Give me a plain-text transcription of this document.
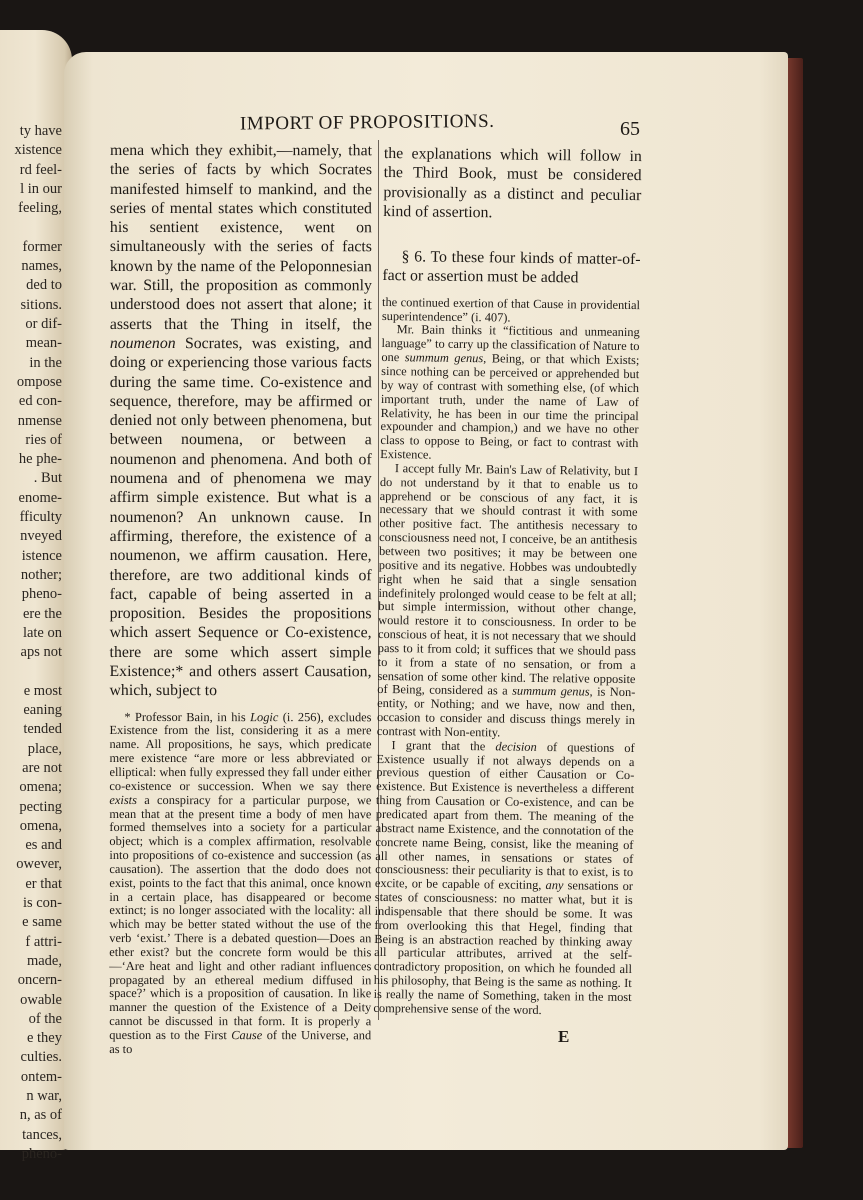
ty have
xistence
rd feel-
l in our
feeling,
former
names,
ded to
sitions.
or dif-
mean-
in the
ompose
ed con-
nmense
ries of
he phe-
. But
enome-
fficulty
nveyed
istence
nother;
pheno-
ere the
late on
aps not
e most
eaning
tended
place,
are not
omena;
pecting
omena,
es and
owever,
er that
is con-
e same
f attri-
made,
oncern-
owable
of the
e they
culties.
ontem-
n war,
n, as of
tances,
pheno-
IMPORT OF PROPOSITIONS.	65

mena which they exhibit,—namely, that the series of facts by which Socrates manifested himself to mankind, and the series of mental states which constituted his sentient existence, went on simultaneously with the series of facts known by the name of the Peloponnesian war. Still, the proposition as commonly understood does not assert that alone; it asserts that the Thing in itself, the noumenon Socrates, was existing, and doing or experiencing those various facts during the same time. Co-existence and sequence, therefore, may be affirmed or denied not only between phenomena, but between noumena, or between a noumenon and phenomena. And both of noumena and of phenomena we may affirm simple existence. But what is a noumenon? An unknown cause. In affirming, therefore, the existence of a noumenon, we affirm causation. Here, therefore, are two additional kinds of fact, capable of being asserted in a proposition. Besides the propositions which assert Sequence or Co-existence, there are some which assert simple Existence;* and others assert Causation, which, subject to

* Professor Bain, in his Logic (i. 256), excludes Existence from the list, considering it as a mere name. All propositions, he says, which predicate mere existence “are more or less abbreviated or elliptical: when fully expressed they fall under either co-existence or succession. When we say there exists a conspiracy for a particular purpose, we mean that at the present time a body of men have formed themselves into a society for a particular object; which is a complex affirmation, resolvable into propositions of co-existence and succession (as causation). The assertion that the dodo does not exist, points to the fact that this animal, once known in a certain place, has disappeared or become extinct; is no longer associated with the locality: all which may be better stated without the use of the verb ‘exist.’ There is a debated question—Does an ether exist? but the concrete form would be this—‘Are heat and light and other radiant influences propagated by an ethereal medium diffused in space?’ which is a proposition of causation. In like manner the question of the Existence of a Deity cannot be discussed in that form. It is properly a question as to the First Cause of the Universe, and as to

the explanations which will follow in the Third Book, must be considered provisionally as a distinct and peculiar kind of assertion.

§ 6. To these four kinds of matter-of-fact or assertion must be added

the continued exertion of that Cause in providential superintendence” (i. 407).

Mr. Bain thinks it “fictitious and unmeaning language” to carry up the classification of Nature to one summum genus, Being, or that which Exists; since nothing can be perceived or apprehended but by way of contrast with something else, (of which important truth, under the name of Law of Relativity, he has been in our time the principal expounder and champion,) and we have no other class to oppose to Being, or fact to contrast with Existence.

I accept fully Mr. Bain's Law of Relativity, but I do not understand by it that to enable us to apprehend or be conscious of any fact, it is necessary that we should contrast it with some other positive fact. The antithesis necessary to consciousness need not, I conceive, be an antithesis between two positives; it may be between one positive and its negative. Hobbes was undoubtedly right when he said that a single sensation indefinitely prolonged would cease to be felt at all; but simple intermission, without other change, would restore it to consciousness. In order to be conscious of heat, it is not necessary that we should pass to it from cold; it suffices that we should pass to it from a state of no sensation, or from a sensation of some other kind. The relative opposite of Being, considered as a summum genus, is Non-entity, or Nothing; and we have, now and then, occasion to consider and discuss things merely in contrast with Non-entity.

I grant that the decision of questions of Existence usually if not always depends on a previous question of either Causation or Co-existence. But Existence is nevertheless a different thing from Causation or Co-existence, and can be predicated apart from them. The meaning of the abstract name Existence, and the connotation of the concrete name Being, consist, like the meaning of all other names, in sensations or states of consciousness: their peculiarity is that to exist, is to excite, or be capable of exciting, any sensations or states of consciousness: no matter what, but it is indispensable that there should be some. It was from overlooking this that Hegel, finding that Being is an abstraction reached by thinking away all particular attributes, arrived at the self-contradictory proposition, on which he founded all his philosophy, that Being is the same as nothing. It is really the name of Something, taken in the most comprehensive sense of the word.

E
